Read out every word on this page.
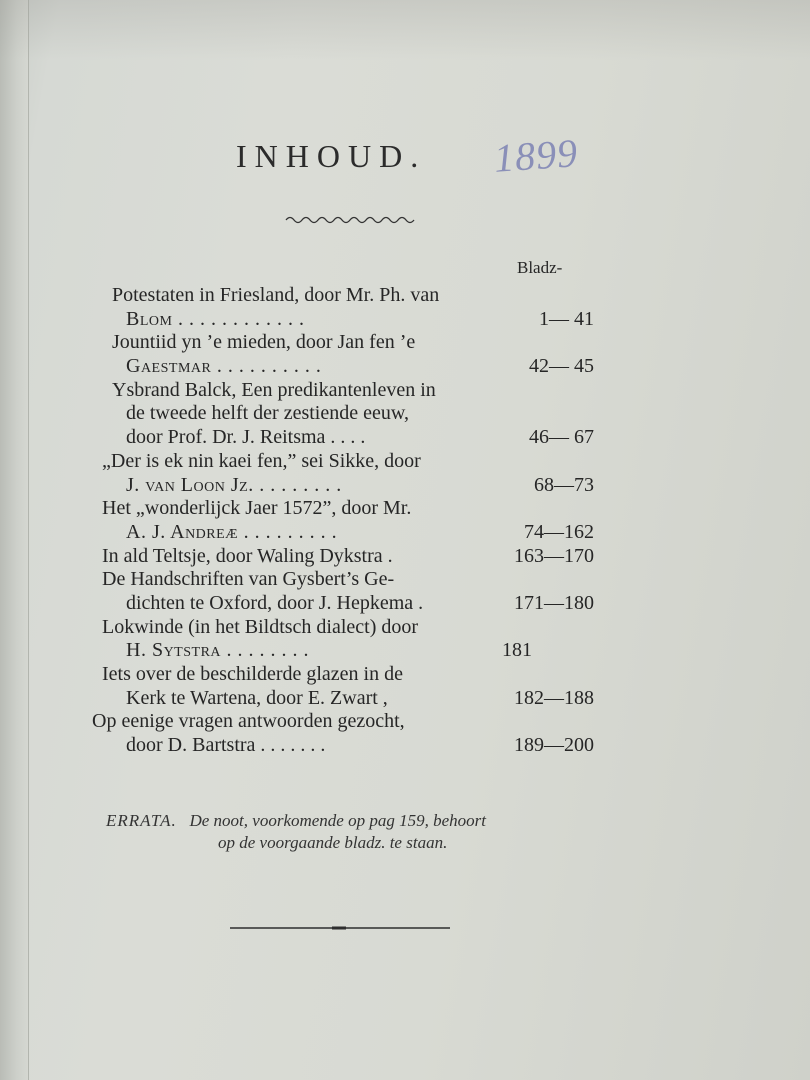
INHOUD. 1899
Bladz-
Potestaten in Friesland, door Mr. Ph. van
Blom . . . . . . . . . . . .	1— 41
Jountiid yn ’e mieden, door Jan fen ’e
Gaestmar . . . . . . . . . .	42— 45
Ysbrand Balck, Een predikantenleven in
de tweede helft der zestiende eeuw,
door Prof. Dr. J. Reitsma . . . .	46— 67
„Der is ek nin kaei fen,” sei Sikke, door
J. van Loon Jz. . . . . . . . .	68—73
Het „wonderlijck Jaer 1572”, door Mr.
A. J. Andreæ . . . . . . . . .	74—162
In ald Teltsje, door Waling Dykstra .	163—170
De Handschriften van Gysbert’s Ge-
dichten te Oxford, door J. Hepkema .	171—180
Lokwinde (in het Bildtsch dialect) door
H. Sytstra . . . . . . . .	181
Iets over de beschilderde glazen in de
Kerk te Wartena, door E. Zwart ,	182—188
Op eenige vragen antwoorden gezocht,
door D. Bartstra . . . . . . .	189—200
ERRATA. De noot, voorkomende op pag 159, behoort
op de voorgaande bladz. te staan.
